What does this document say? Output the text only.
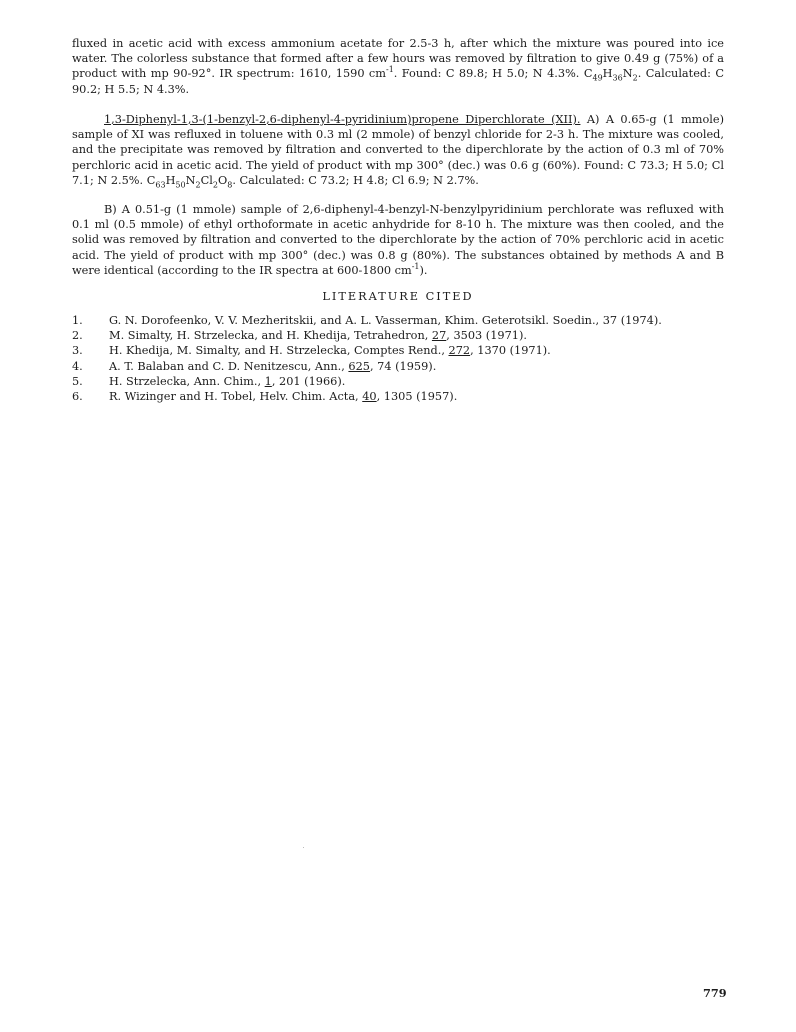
fluxed in acetic acid with excess ammonium acetate for 2.5-3 h, after which the mixture was poured into ice water. The colorless substance that formed after a few hours was removed by filtration to give 0.49 g (75%) of a product with mp 90-92°. IR spectrum: 1610, 1590 $cm^{-1}$. Found: C 89.8; H 5.0; N 4.3%. $C_{49}H_{36}N_2$. Calculated: C 90.2; H 5.5; N 4.3%.

1,3-Diphenyl-1,3-(1-benzyl-2,6-diphenyl-4-pyridinium)propene Diperchlorate (XII). A) A 0.65-g (1 mmole) sample of XI was refluxed in toluene with 0.3 ml (2 mmole) of benzyl chloride for 2-3 h. The mixture was cooled, and the precipitate was removed by filtration and converted to the diperchlorate by the action of 0.3 ml of 70% perchloric acid in acetic acid. The yield of product with mp 300° (dec.) was 0.6 g (60%). Found: C 73.3; H 5.0; Cl 7.1; N 2.5%. $C_{63}H_{50}N_2Cl_2O_8$. Calculated: C 73.2; H 4.8; Cl 6.9; N 2.7%.

B) A 0.51-g (1 mmole) sample of 2,6-diphenyl-4-benzyl-N-benzylpyridinium perchlorate was refluxed with 0.1 ml (0.5 mmole) of ethyl orthoformate in acetic anhydride for 8-10 h. The mixture was then cooled, and the solid was removed by filtration and converted to the diperchlorate by the action of 70% perchloric acid in acetic acid. The yield of product with mp 300° (dec.) was 0.8 g (80%). The substances obtained by methods A and B were identical (according to the IR spectra at 600-1800 $cm^{-1}$).

LITERATURE CITED
1. G. N. Dorofeenko, V. V. Mezheritskii, and A. L. Vasserman, Khim. Geterotsikl. Soedin., 37 (1974).
2. M. Simalty, H. Strzelecka, and H. Khedija, Tetrahedron, 27, 3503 (1971).
3. H. Khedija, M. Simalty, and H. Strzelecka, Comptes Rend., 272, 1370 (1971).
4. A. T. Balaban and C. D. Nenitzescu, Ann., 625, 74 (1959).
5. H. Strzelecka, Ann. Chim., 1, 201 (1966).
6. R. Wizinger and H. Tobel, Helv. Chim. Acta, 40, 1305 (1957).
779
